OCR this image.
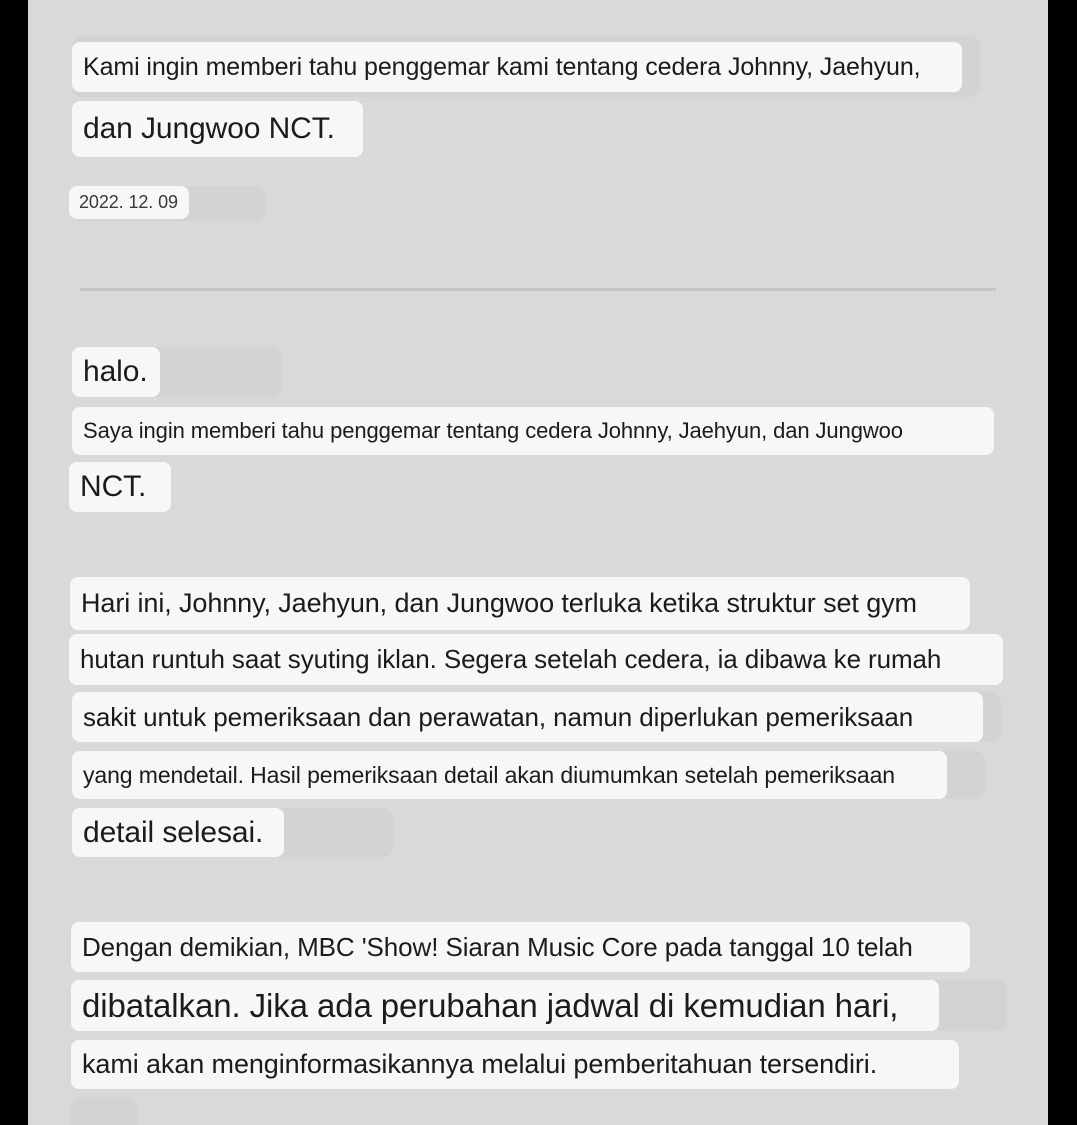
Kami ingin memberi tahu penggemar kami tentang cedera Johnny, Jaehyun,
dan Jungwoo NCT.
2022. 12. 09
halo.
Saya ingin memberi tahu penggemar tentang cedera Johnny, Jaehyun, dan Jungwoo
NCT.
Hari ini, Johnny, Jaehyun, dan Jungwoo terluka ketika struktur set gym
hutan runtuh saat syuting iklan. Segera setelah cedera, ia dibawa ke rumah
sakit untuk pemeriksaan dan perawatan, namun diperlukan pemeriksaan
yang mendetail. Hasil pemeriksaan detail akan diumumkan setelah pemeriksaan
detail selesai.
Dengan demikian, MBC 'Show! Siaran Music Core pada tanggal 10 telah
dibatalkan. Jika ada perubahan jadwal di kemudian hari,
kami akan menginformasikannya melalui pemberitahuan tersendiri.
